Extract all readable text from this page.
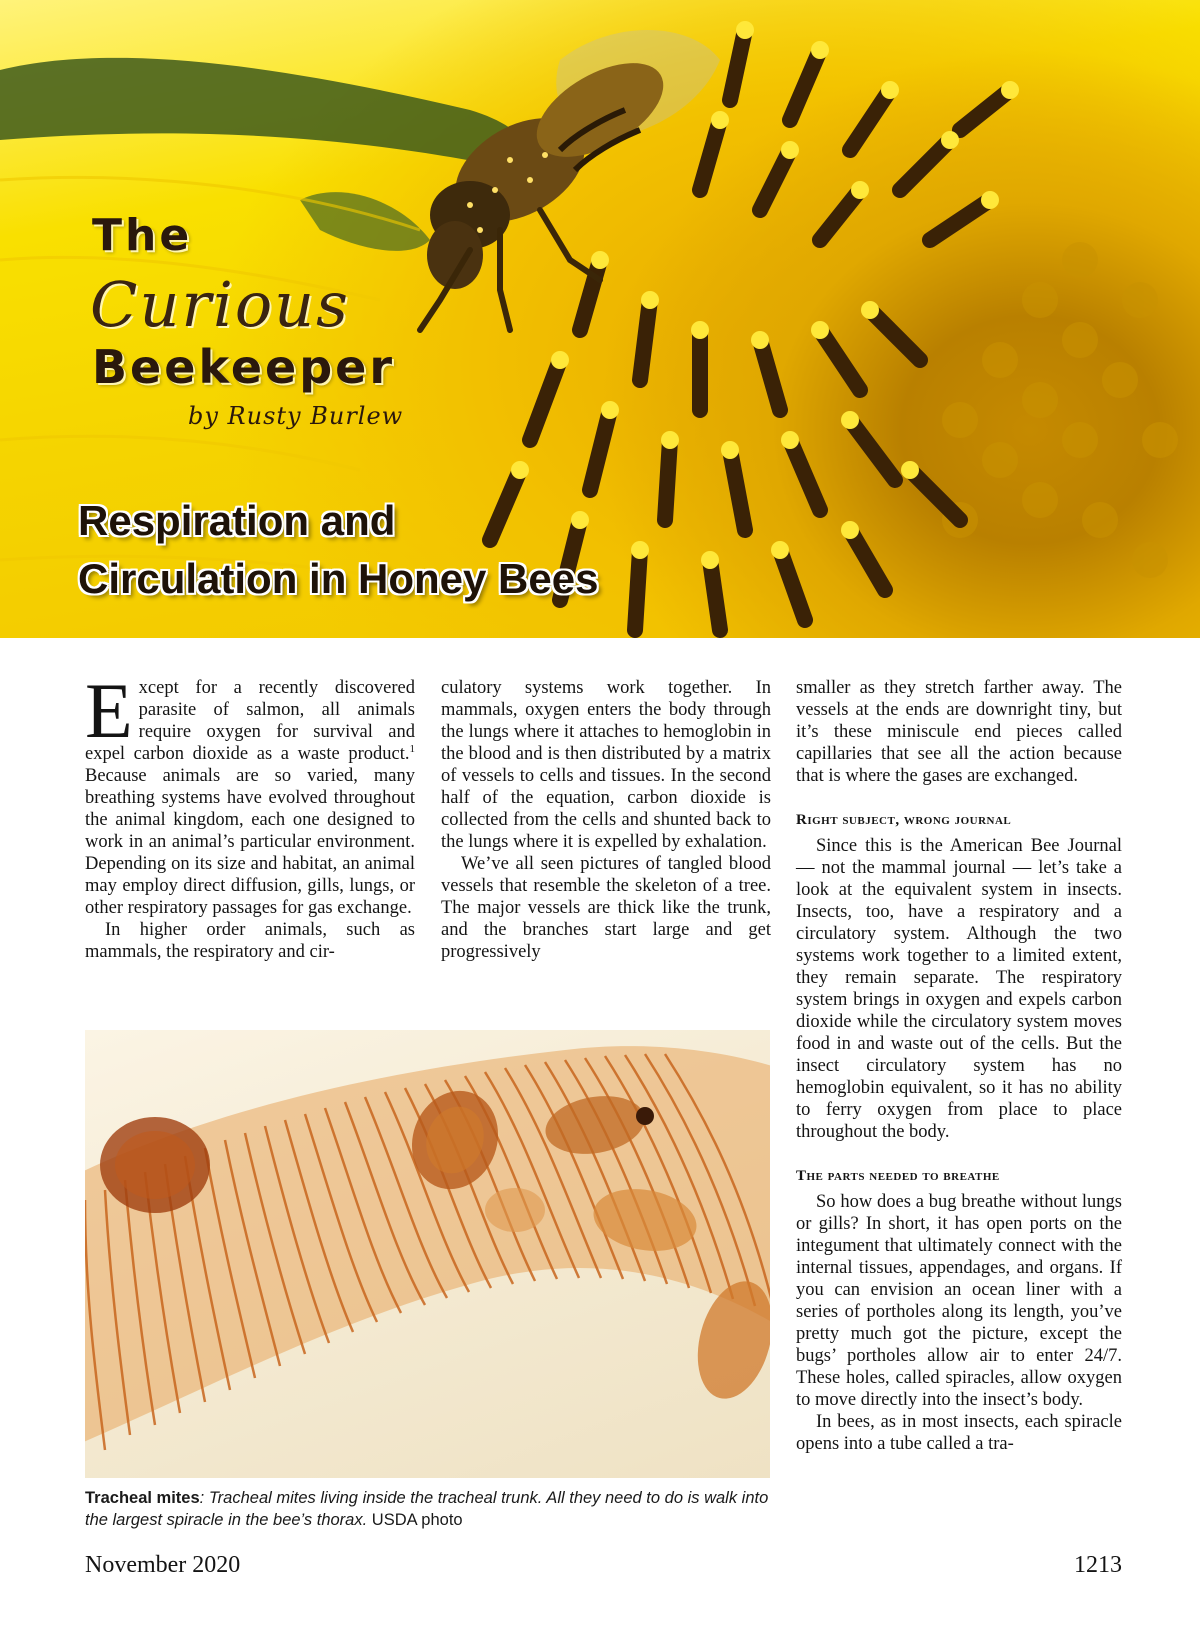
The
Curious
Beekeeper
by Rusty Burlew
Respiration and
Circulation in Honey Bees

Except for a recently discovered parasite of salmon, all animals require oxygen for survival and expel carbon dioxide as a waste product.$^1$ Because animals are so varied, many breathing systems have evolved throughout the animal kingdom, each one designed to work in an animal’s particular environment. Depending on its size and habitat, an animal may employ direct diffusion, gills, lungs, or other respiratory passages for gas exchange.

In higher order animals, such as mammals, the respiratory and cir-

culatory systems work together. In mammals, oxygen enters the body through the lungs where it attaches to hemoglobin in the blood and is then distributed by a matrix of vessels to cells and tissues. In the second half of the equation, carbon dioxide is collected from the cells and shunted back to the lungs where it is expelled by exhalation.

We’ve all seen pictures of tangled blood vessels that resemble the skeleton of a tree. The major vessels are thick like the trunk, and the branches start large and get progressively

smaller as they stretch farther away. The vessels at the ends are downright tiny, but it’s these miniscule end pieces called capillaries that see all the action because that is where the gases are exchanged.

Right subject, wrong journal

Since this is the American Bee Journal — not the mammal journal — let’s take a look at the equivalent system in insects. Insects, too, have a respiratory and a circulatory system. Although the two systems work together to a limited extent, they remain separate. The respiratory system brings in oxygen and expels carbon dioxide while the circulatory system moves food in and waste out of the cells. But the insect circulatory system has no hemoglobin equivalent, so it has no ability to ferry oxygen from place to place throughout the body.

The parts needed to breathe

So how does a bug breathe without lungs or gills? In short, it has open ports on the integument that ultimately connect with the internal tissues, appendages, and organs. If you can envision an ocean liner with a series of portholes along its length, you’ve pretty much got the picture, except the bugs’ portholes allow air to enter 24/7. These holes, called spiracles, allow oxygen to move directly into the insect’s body.

In bees, as in most insects, each spiracle opens into a tube called a tra-

Tracheal mites: Tracheal mites living inside the tracheal trunk. All they need to do is walk into the largest spiracle in the bee’s thorax. USDA photo

November 2020	1213
